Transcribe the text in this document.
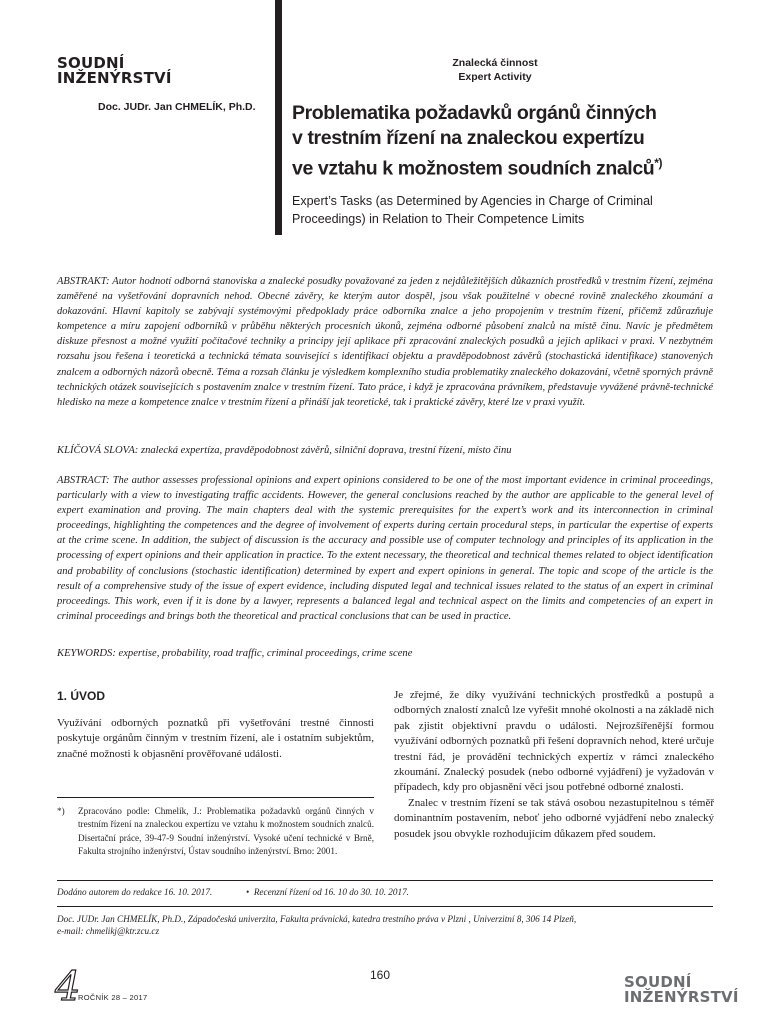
SOUDNÍ
INŽENÝRSTVÍ
Doc. JUDr. Jan CHMELÍK, Ph.D.
Znalecká činnost
Expert Activity
Problematika požadavků orgánů činných
v trestním řízení na znaleckou expertízu
ve vztahu k možnostem soudních znalců*)
Expert’s Tasks (as Determined by Agencies in Charge of Criminal
Proceedings) in Relation to Their Competence Limits
ABSTRAKT: Autor hodnotí odborná stanoviska a znalecké posudky považované za jeden z nejdůležitějších důkazních prostředků v trestním řízení, zejména zaměřené na vyšetřování dopravních nehod. Obecné závěry, ke kterým autor dospěl, jsou však použitelné v obecné rovině znaleckého zkoumání a dokazování. Hlavní kapitoly se zabývají systémovými předpoklady práce odborníka znalce a jeho propojením v trestním řízení, přičemž zdůrazňuje kompetence a míru zapojení odborníků v průběhu některých procesních úkonů, zejména odborné působení znalců na místě činu. Navíc je předmětem diskuze přesnost a možné využití počítačové techniky a principy její aplikace při zpracování znaleckých posudků a jejich aplikaci v praxi. V nezbytném rozsahu jsou řešena i teoretická a technická témata související s identifikací objektu a pravděpodobnost závěrů (stochastická identifikace) stanovených znalcem a odborných názorů obecně. Téma a rozsah článku je výsledkem komplexního studia problematiky znaleckého dokazování, včetně sporných právně technických otázek souvisejících s postavením znalce v trestním řízení. Tato práce, i když je zpracována právníkem, představuje vyvážené právně-technické hledisko na meze a kompetence znalce v trestním řízení a přináší jak teoretické, tak i praktické závěry, které lze v praxi využít.
KLÍČOVÁ SLOVA: znalecká expertíza, pravděpodobnost závěrů, silniční doprava, trestní řízení, místo činu
ABSTRACT: The author assesses professional opinions and expert opinions considered to be one of the most important evidence in criminal proceedings, particularly with a view to investigating traffic accidents. However, the general conclusions reached by the author are applicable to the general level of expert examination and proving. The main chapters deal with the systemic prerequisites for the expert’s work and its interconnection in criminal proceedings, highlighting the competences and the degree of involvement of experts during certain procedural steps, in particular the expertise of experts at the crime scene. In addition, the subject of discussion is the accuracy and possible use of computer technology and principles of its application in the processing of expert opinions and their application in practice. To the extent necessary, the theoretical and technical themes related to object identification and probability of conclusions (stochastic identification) determined by expert and expert opinions in general. The topic and scope of the article is the result of a comprehensive study of the issue of expert evidence, including disputed legal and technical issues related to the status of an expert in criminal proceedings. This work, even if it is done by a lawyer, represents a balanced legal and technical aspect on the limits and competencies of an expert in criminal proceedings and brings both the theoretical and practical conclusions that can be used in practice.
KEYWORDS: expertise, probability, road traffic, criminal proceedings, crime scene
1. ÚVOD
Využívání odborných poznatků při vyšetřování trestné činnosti poskytuje orgánům činným v trestním řízení, ale i ostatním subjektům, značné možnosti k objasnění prověřované události.
Je zřejmé, že díky využívání technických prostředků a postupů a odborných znalostí znalců lze vyřešit mnohé okolnosti a na základě nich pak zjistit objektivní pravdu o události. Nejrozšířenější formou využívání odborných poznatků při řešení dopravních nehod, které určuje trestní řád, je provádění technických expertíz v rámci znaleckého zkoumání. Znalecký posudek (nebo odborné vyjádření) je vyžadován v případech, kdy pro objasnění věci jsou potřebné odborné znalosti.
Znalec v trestním řízení se tak stává osobou nezastupitelnou s téměř dominantním postavením, neboť jeho odborné vyjádření nebo znalecký posudek jsou obvykle rozhodujícím důkazem před soudem.
*)	Zpracováno podle: Chmelík, J.: Problematika požadavků orgánů činných v trestním řízení na znaleckou expertízu ve vztahu k možnostem soudních znalců. Disertační práce, 39-47-9 Soudní inženýrství. Vysoké učení technické v Brně, Fakulta strojního inženýrství, Ústav soudního inženýrství. Brno: 2001.
Dodáno autorem do redakce 16. 10. 2017.	•  Recenzní řízení od 16. 10 do 30. 10. 2017.
Doc. JUDr. Jan CHMELÍK, Ph.D., Západočeská univerzita, Fakulta právnická, katedra trestního práva v Plzni , Univerzitní 8, 306 14 Plzeň,
e-mail: chmelikj@ktr.zcu.cz
160
4
ROČNÍK 28 – 2017
SOUDNÍ
INŽENÝRSTVÍ
